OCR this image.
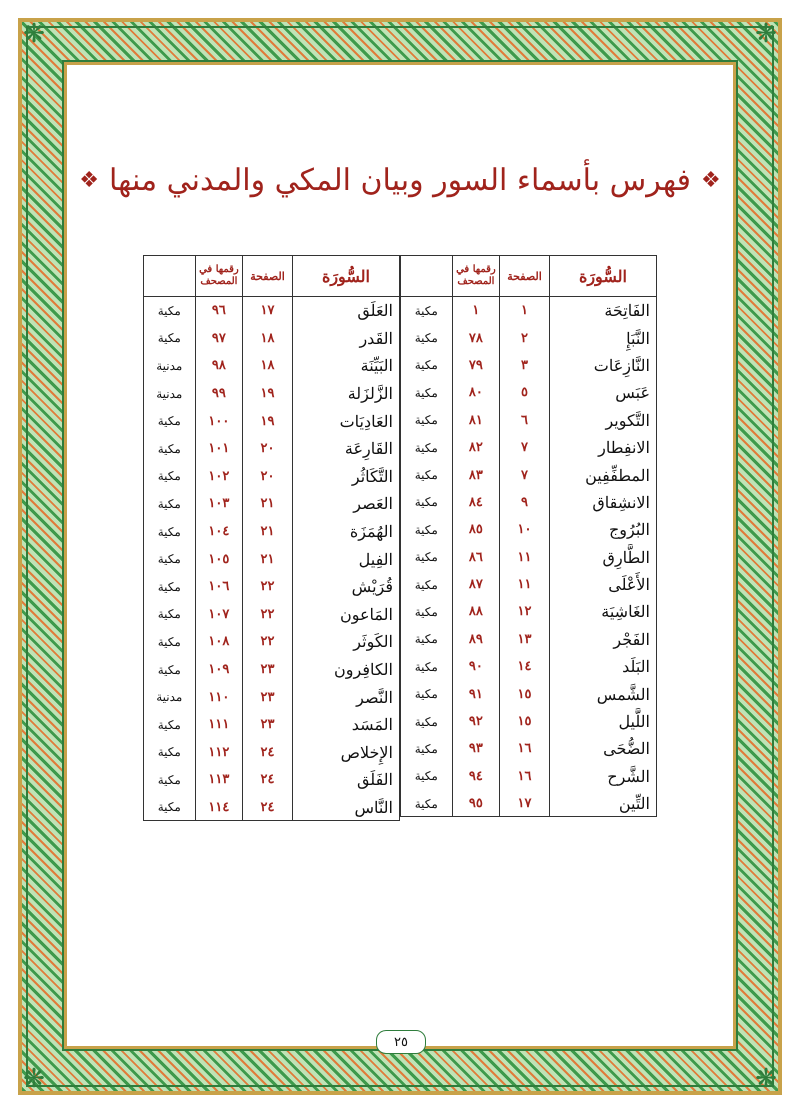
❋	❋
❋	❋
❖ فهرس بأسماء السور وبيان المكي والمدني منها ❖
السُّورَة
الصفحة
رقمها في المصحف
الفَاتِحَة
١
١
مكية
النَّبَإِ
٢
٧٨
مكية
النَّازِعَات
٣
٧٩
مكية
عَبَس
٥
٨٠
مكية
التَّكوير
٦
٨١
مكية
الانفِطار
٧
٨٢
مكية
المطفِّفِين
٧
٨٣
مكية
الانشِقاق
٩
٨٤
مكية
البُرُوج
١٠
٨٥
مكية
الطَّارِق
١١
٨٦
مكية
الأَعْلَى
١١
٨٧
مكية
الغَاشِيَة
١٢
٨٨
مكية
الفَجْر
١٣
٨٩
مكية
البَلَد
١٤
٩٠
مكية
الشَّمس
١٥
٩١
مكية
اللَّيل
١٥
٩٢
مكية
الضُّحَى
١٦
٩٣
مكية
الشَّرح
١٦
٩٤
مكية
التِّين
١٧
٩٥
مكية
السُّورَة
الصفحة
رقمها في المصحف
العَلَق
١٧
٩٦
مكية
القَدر
١٨
٩٧
مكية
البَيِّنَة
١٨
٩٨
مدنية
الزَّلزَلة
١٩
٩٩
مدنية
العَادِيَات
١٩
١٠٠
مكية
القَارِعَة
٢٠
١٠١
مكية
التَّكَاثُر
٢٠
١٠٢
مكية
العَصر
٢١
١٠٣
مكية
الهُمَزَة
٢١
١٠٤
مكية
الفِيل
٢١
١٠٥
مكية
قُرَيْش
٢٢
١٠٦
مكية
المَاعون
٢٢
١٠٧
مكية
الكَوثَر
٢٢
١٠٨
مكية
الكافِرون
٢٣
١٠٩
مكية
النَّصر
٢٣
١١٠
مدنية
المَسَد
٢٣
١١١
مكية
الإِخلاص
٢٤
١١٢
مكية
الفَلَق
٢٤
١١٣
مكية
النَّاس
٢٤
١١٤
مكية
٢٥
